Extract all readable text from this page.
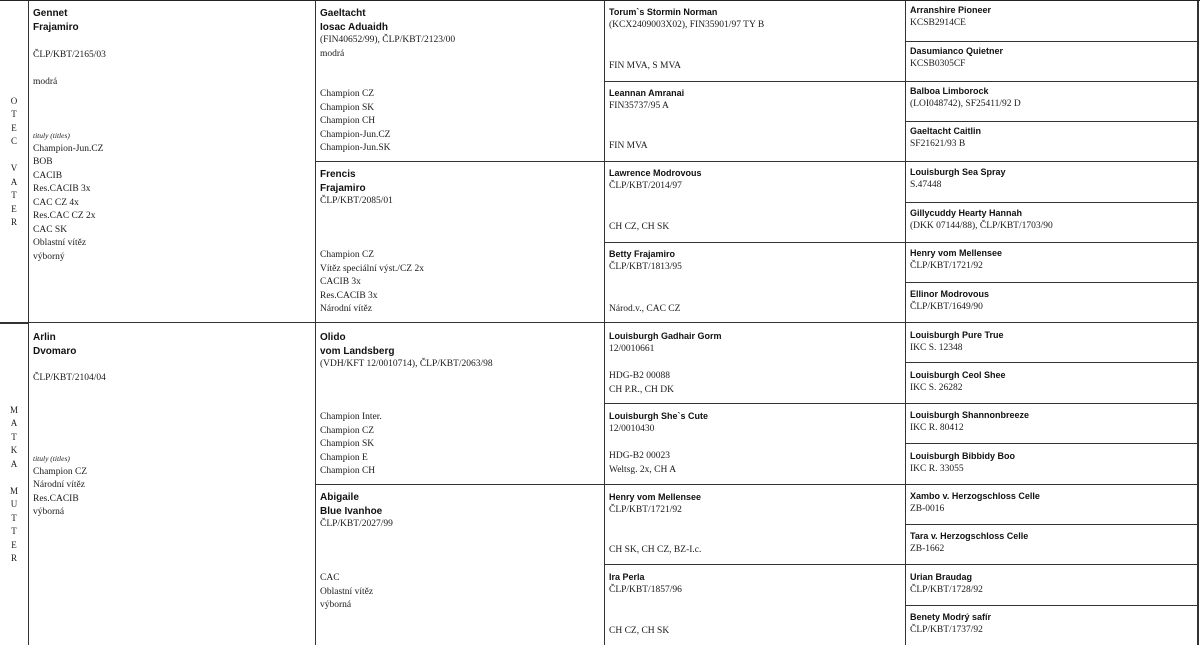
O
T
E
C
V
A
T
E
R
M
A
T
K
A
M
U
T
T
E
R
Gennet
Frajamiro
ČLP/KBT/2165/03
modrá
tituly (titles)
Champion-Jun.CZ
BOB
CACIB
Res.CACIB 3x
CAC CZ 4x
Res.CAC CZ 2x
CAC SK
Oblastní vítěz
výborný
Arlin
Dvomaro
ČLP/KBT/2104/04
tituly (titles)
Champion CZ
Národní vítěz
Res.CACIB
výborná
Gaeltacht
Iosac Aduaidh
(FIN40652/99), ČLP/KBT/2123/00
modrá
Champion CZ
Champion SK
Champion CH
Champion-Jun.CZ
Champion-Jun.SK
Frencis
Frajamiro
ČLP/KBT/2085/01
Champion CZ
Vítěz speciální výst./CZ 2x
CACIB 3x
Res.CACIB 3x
Národní vítěz
Olido
vom Landsberg
(VDH/KFT 12/0010714), ČLP/KBT/2063/98
Champion Inter.
Champion CZ
Champion SK
Champion E
Champion CH
Abigaile
Blue Ivanhoe
ČLP/KBT/2027/99
CAC
Oblastní vítěz
výborná
Torum`s Stormin Norman
(KCX2409003X02), FIN35901/97 TY B
FIN MVA, S MVA
Leannan Amranai
FIN35737/95 A
FIN MVA
Lawrence Modrovous
ČLP/KBT/2014/97
CH CZ, CH SK
Betty Frajamiro
ČLP/KBT/1813/95
Národ.v., CAC CZ
Louisburgh Gadhair Gorm
12/0010661
HDG-B2 00088
CH P.R., CH DK
Louisburgh She`s Cute
12/0010430
HDG-B2 00023
Weltsg. 2x, CH A
Henry vom Mellensee
ČLP/KBT/1721/92
CH SK, CH CZ, BZ-I.c.
Ira Perla
ČLP/KBT/1857/96
CH CZ, CH SK
Arranshire Pioneer
KCSB2914CE
Dasumianco Quietner
KCSB0305CF
Balboa Limborock
(LOI048742), SF25411/92 D
Gaeltacht Caitlin
SF21621/93 B
Louisburgh Sea Spray
S.47448
Gillycuddy Hearty Hannah
(DKK 07144/88), ČLP/KBT/1703/90
Henry vom Mellensee
ČLP/KBT/1721/92
Ellinor Modrovous
ČLP/KBT/1649/90
Louisburgh Pure True
IKC S. 12348
Louisburgh Ceol Shee
IKC S. 26282
Louisburgh Shannonbreeze
IKC R. 80412
Louisburgh Bibbidy Boo
IKC R. 33055
Xambo v. Herzogschloss Celle
ZB-0016
Tara v. Herzogschloss Celle
ZB-1662
Urian Braudag
ČLP/KBT/1728/92
Benety Modrý safír
ČLP/KBT/1737/92
